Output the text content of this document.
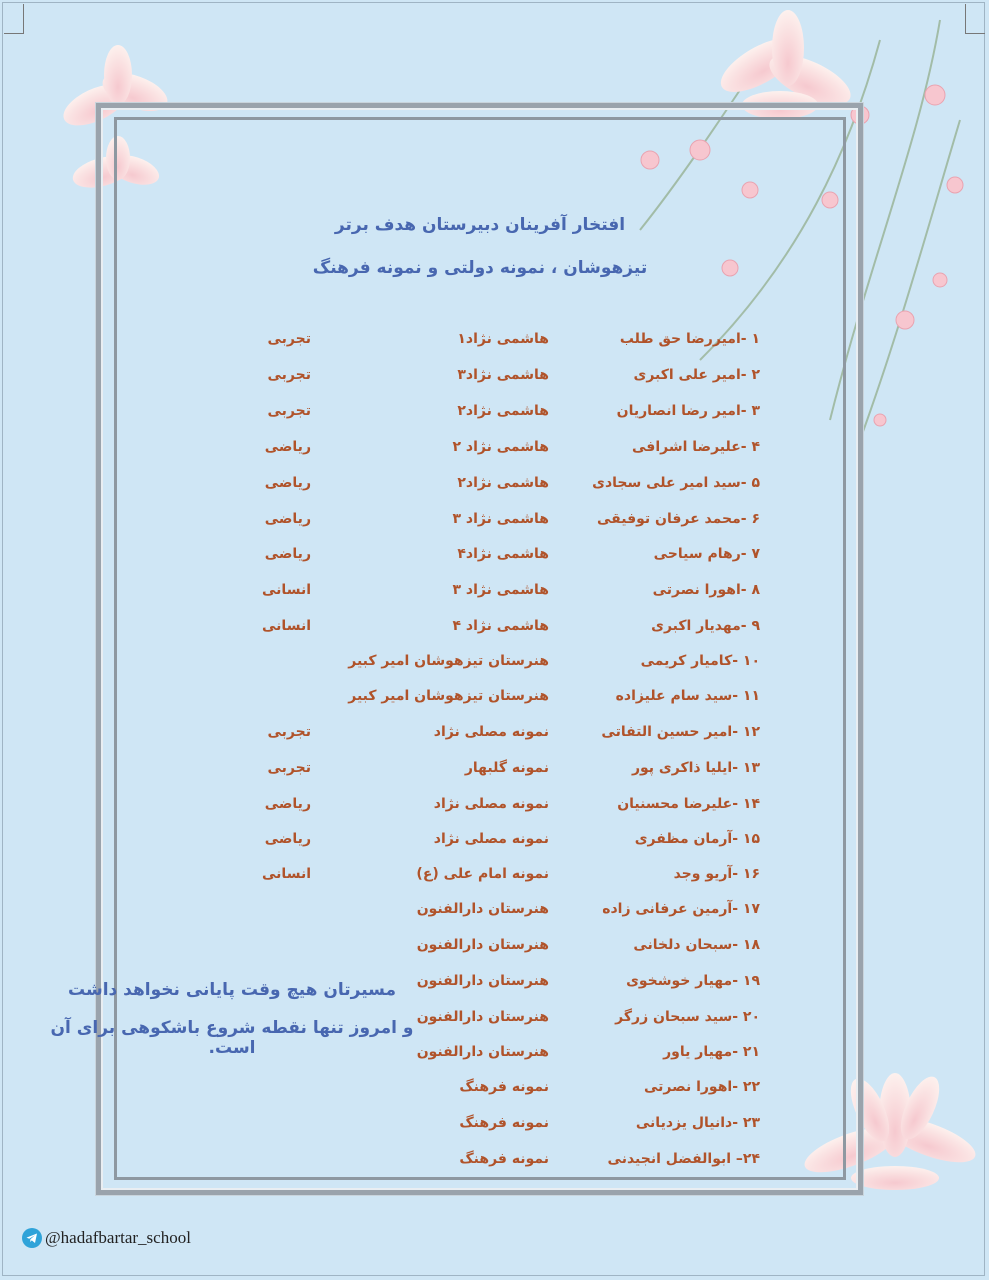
افتخار آفرینان دبیرستان هدف برتر
تیزهوشان ، نمونه دولتی و نمونه فرهنگ
۱ -امیررضا حق طلب
هاشمی نژاد۱
تجربی
۲ -امیر علی اکبری
هاشمی نژاد۳
تجربی
۳ -امیر رضا انصاریان
هاشمی نژاد۲
تجربی
۴ -علیرضا اشرافی
هاشمی نژاد ۲
ریاضی
۵ -سید امیر علی سجادی
هاشمی نژاد۲
ریاضی
۶ -محمد عرفان توفیقی
هاشمی نژاد ۳
ریاضی
۷ -رهام سیاحی
هاشمی نژاد۴
ریاضی
۸ -اهورا نصرتی
هاشمی نژاد ۳
انسانی
۹ -مهدیار اکبری
هاشمی نژاد ۴
انسانی
۱۰ -کامیار کریمی
هنرستان تیزهوشان امیر کبیر
۱۱ -سید سام علیزاده
هنرستان تیزهوشان امیر کبیر
۱۲ -امیر حسین التفاتی
نمونه مصلی نژاد
تجربی
۱۳ -ایلیا ذاکری پور
نمونه گلبهار
تجربی
۱۴ -علیرضا محسنیان
نمونه مصلی نژاد
ریاضی
۱۵ -آرمان مظفری
نمونه مصلی نژاد
ریاضی
۱۶ -آریو وجد
نمونه امام علی (ع)
انسانی
۱۷ -آرمین عرفانی زاده
هنرستان دارالفنون
۱۸ -سبحان دلخانی
هنرستان دارالفنون
۱۹ -مهیار خوشخوی
هنرستان دارالفنون
۲۰ -سید سبحان زرگر
هنرستان دارالفنون
۲۱ -مهیار یاور
هنرستان دارالفنون
۲۲ -اهورا نصرتی
نمونه فرهنگ
۲۳ -دانیال یزدیانی
نمونه فرهنگ
۲۴– ابوالفضل انجیدنی
نمونه فرهنگ
مسیرتان هیچ وقت پایانی نخواهد داشت
و امروز تنها نقطه شروع باشکوهی برای آن است.
@hadafbartar_school
